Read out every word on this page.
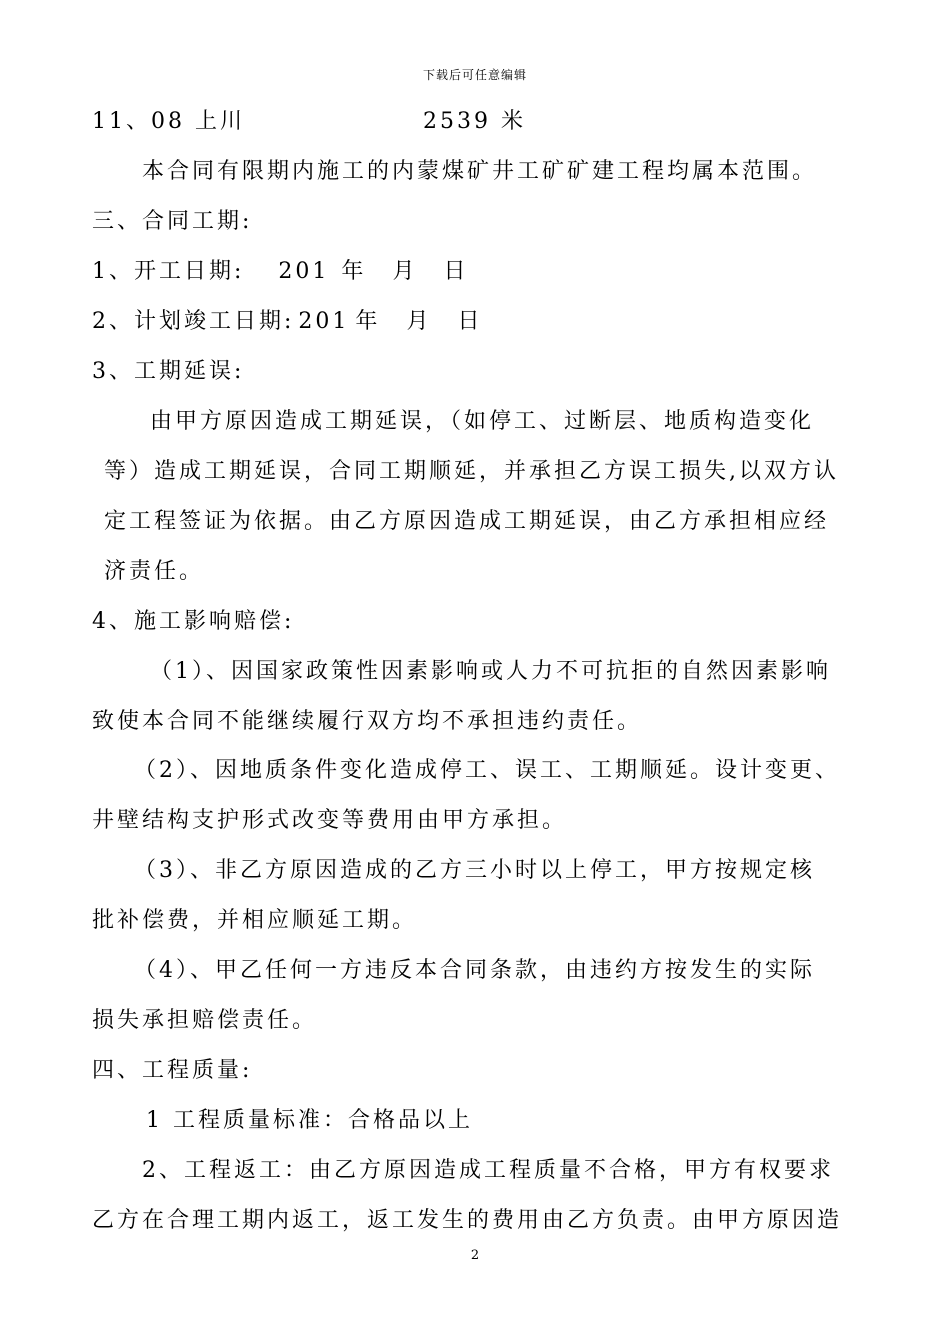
下载后可任意编辑
11、08 上川	2539 米
本合同有限期内施工的内蒙煤矿井工矿矿建工程均属本范围。
三、合同工期:
1、开工日期: 201 年 月 日
2、计划竣工日期: 201 年 月 日
3、工期延误:
由甲方原因造成工期延误，（如停工、过断层、地质构造变化
等）造成工期延误，合同工期顺延，并承担乙方误工损失,以双方认
定工程签证为依据。由乙方原因造成工期延误，由乙方承担相应经
济责任。
4、施工影响赔偿:
（1）、因国家政策性因素影响或人力不可抗拒的自然因素影响
致使本合同不能继续履行双方均不承担违约责任。
（2）、因地质条件变化造成停工、误工、工期顺延。设计变更、
井壁结构支护形式改变等费用由甲方承担。
（3）、非乙方原因造成的乙方三小时以上停工，甲方按规定核
批补偿费，并相应顺延工期。
（4）、甲乙任何一方违反本合同条款，由违约方按发生的实际
损失承担赔偿责任。
四、工程质量:
1 工程质量标准：合格品以上
2、工程返工：由乙方原因造成工程质量不合格，甲方有权要求
乙方在合理工期内返工，返工发生的费用由乙方负责。由甲方原因造
2
